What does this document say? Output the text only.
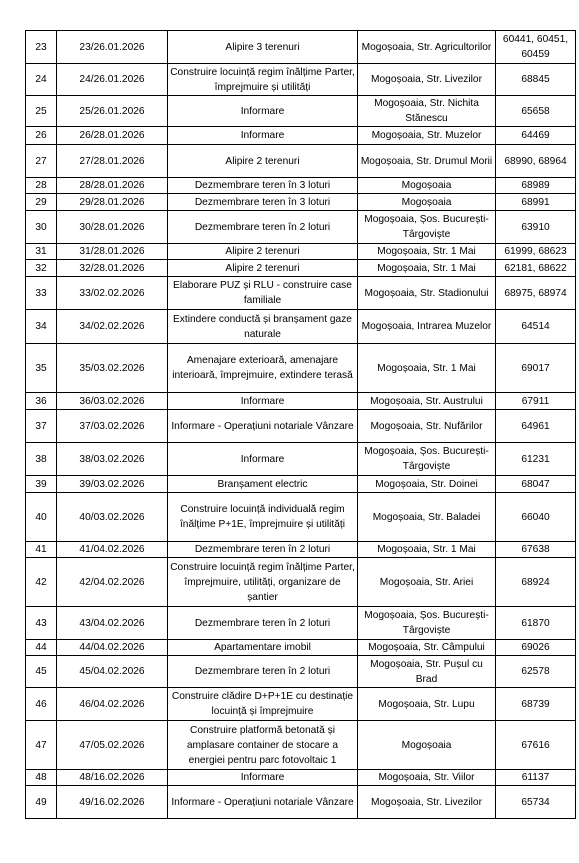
23	23/26.01.2026	Alipire 3 terenuri	Mogoșoaia, Str. Agricultorilor	60441, 60451, 60459
24	24/26.01.2026	Construire locuință regim înălțime Parter, împrejmuire și utilități	Mogoșoaia, Str. Livezilor	68845
25	25/26.01.2026	Informare	Mogoșoaia, Str. Nichita Stănescu	65658
26	26/28.01.2026	Informare	Mogoșoaia, Str. Muzelor	64469
27	27/28.01.2026	Alipire 2 terenuri	Mogoșoaia, Str. Drumul Morii	68990, 68964
28	28/28.01.2026	Dezmembrare teren în 3 loturi	Mogoșoaia	68989
29	29/28.01.2026	Dezmembrare teren în 3 loturi	Mogoșoaia	68991
30	30/28.01.2026	Dezmembrare teren în 2 loturi	Mogoșoaia, Șos. București-Târgoviște	63910
31	31/28.01.2026	Alipire 2 terenuri	Mogoșoaia, Str. 1 Mai	61999, 68623
32	32/28.01.2026	Alipire 2 terenuri	Mogoșoaia, Str. 1 Mai	62181, 68622
33	33/02.02.2026	Elaborare PUZ și RLU - construire case familiale	Mogoșoaia, Str. Stadionului	68975, 68974
34	34/02.02.2026	Extindere conductă și branșament gaze naturale	Mogoșoaia, Intrarea Muzelor	64514
35	35/03.02.2026	Amenajare exterioară, amenajare interioară, împrejmuire, extindere terasă	Mogoșoaia, Str. 1 Mai	69017
36	36/03.02.2026	Informare	Mogoșoaia, Str. Austrului	67911
37	37/03.02.2026	Informare - Operațiuni notariale Vânzare	Mogoșoaia, Str. Nufărilor	64961
38	38/03.02.2026	Informare	Mogoșoaia, Șos. București-Târgoviște	61231
39	39/03.02.2026	Branșament electric	Mogoșoaia, Str. Doinei	68047
40	40/03.02.2026	Construire locuință individuală regim înălțime P+1E, împrejmuire și utilități	Mogoșoaia, Str. Baladei	66040
41	41/04.02.2026	Dezmembrare teren în 2 loturi	Mogoșoaia, Str. 1 Mai	67638
42	42/04.02.2026	Construire locuință regim înălțime Parter, împrejmuire, utilități, organizare de șantier	Mogoșoaia, Str. Ariei	68924
43	43/04.02.2026	Dezmembrare teren în 2 loturi	Mogoșoaia, Șos. București-Târgoviște	61870
44	44/04.02.2026	Apartamentare imobil	Mogoșoaia, Str. Câmpului	69026
45	45/04.02.2026	Dezmembrare teren în 2 loturi	Mogoșoaia, Str. Pușul cu Brad	62578
46	46/04.02.2026	Construire clădire D+P+1E cu destinație locuință și împrejmuire	Mogoșoaia, Str. Lupu	68739
47	47/05.02.2026	Construire platformă betonată și amplasare container de stocare a energiei pentru parc fotovoltaic 1	Mogoșoaia	67616
48	48/16.02.2026	Informare	Mogoșoaia, Str. Viilor	61137
49	49/16.02.2026	Informare - Operațiuni notariale Vânzare	Mogoșoaia, Str. Livezilor	65734
